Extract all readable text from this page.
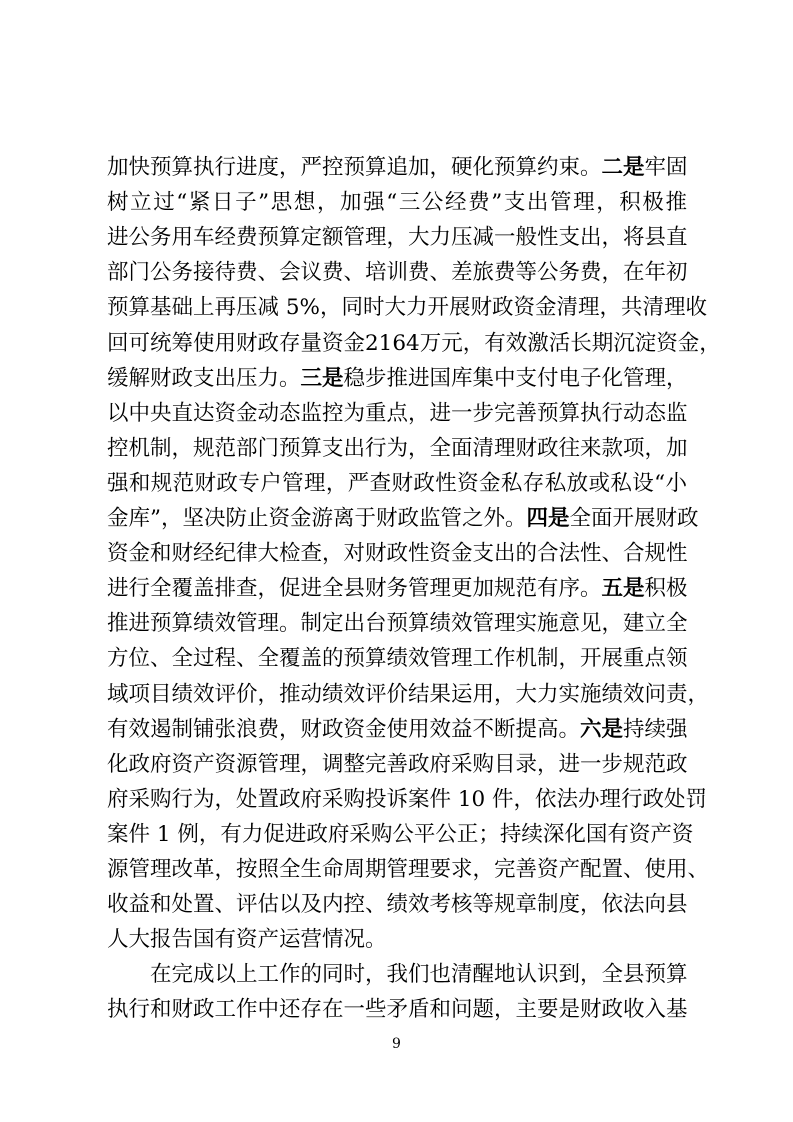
加快预算执行进度，严控预算追加，硬化预算约束。二是牢固
树立过“紧日子”思想，加强“三公经费”支出管理，积极推
进公务用车经费预算定额管理，大力压减一般性支出，将县直
部门公务接待费、会议费、培训费、差旅费等公务费，在年初
预算基础上再压减 5%，同时大力开展财政资金清理，共清理收
回可统筹使用财政存量资金2164万元，有效激活长期沉淀资金，
缓解财政支出压力。三是稳步推进国库集中支付电子化管理，
以中央直达资金动态监控为重点，进一步完善预算执行动态监
控机制，规范部门预算支出行为，全面清理财政往来款项，加
强和规范财政专户管理，严查财政性资金私存私放或私设“小
金库”，坚决防止资金游离于财政监管之外。四是全面开展财政
资金和财经纪律大检查，对财政性资金支出的合法性、合规性
进行全覆盖排查，促进全县财务管理更加规范有序。五是积极
推进预算绩效管理。制定出台预算绩效管理实施意见，建立全
方位、全过程、全覆盖的预算绩效管理工作机制，开展重点领
域项目绩效评价，推动绩效评价结果运用，大力实施绩效问责，
有效遏制铺张浪费，财政资金使用效益不断提高。六是持续强
化政府资产资源管理，调整完善政府采购目录，进一步规范政
府采购行为，处置政府采购投诉案件 10 件，依法办理行政处罚
案件 1 例，有力促进政府采购公平公正；持续深化国有资产资
源管理改革，按照全生命周期管理要求，完善资产配置、使用、
收益和处置、评估以及内控、绩效考核等规章制度，依法向县
人大报告国有资产运营情况。
在完成以上工作的同时，我们也清醒地认识到，全县预算
执行和财政工作中还存在一些矛盾和问题，主要是财政收入基
9
